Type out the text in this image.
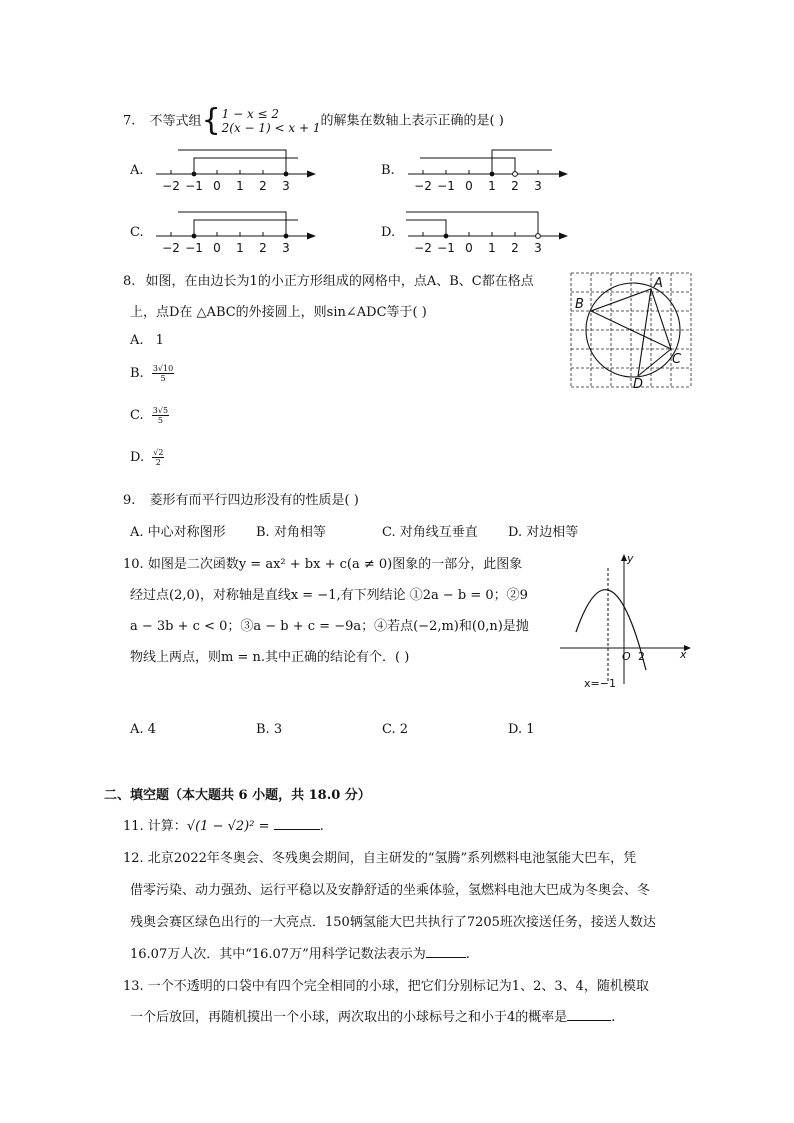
7. 不等式组 { 1 − x ≤ 2
2(x − 1) < x + 1 的解集在数轴上表示正确的是( )
A.
−2 −1 0 1 2 3
B.
−2 −1 0 1 2 3
C.
−2 −1 0 1 2 3
D.
−2 −1 0 1 2 3
8. 如图，在由边长为1的小正方形组成的网格中，点A、B、C都在格点
上，点D在 △ABC的外接圆上，则sin∠ADC等于( )
A. 1
B. $\frac{3√10}{5}$
C. $\frac{3√5}{5}$
D. $\frac{√2}{2}$
A
B
C
D
9. 菱形有而平行四边形没有的性质是( )
A. 中心对称图形 B. 对角相等	C. 对角线互垂直 D. 对边相等
10. 如图是二次函数y = ax² + bx + c(a ≠ 0)图象的一部分，此图象
经过点(2,0)，对称轴是直线x = −1,有下列结论 ①2a − b = 0；②9
a − 3b + c < 0；③a − b + c = −9a；④若点(−2,m)和(0,n)是抛
物线上两点，则m = n.其中正确的结论有个．( )
y
x
O 2
x=−1
A. 4	B. 3	C. 2	D. 1
二、填空题（本大题共 6 小题，共 18.0 分）
11. 计算：√(1 − √2)² =	.
12. 北京2022年冬奥会、冬残奥会期间，自主研发的“氢腾”系列燃料电池氢能大巴车，凭
借零污染、动力强劲、运行平稳以及安静舒适的坐乘体验，氢燃料电池大巴成为冬奥会、冬
残奥会赛区绿色出行的一大亮点．150辆氢能大巴共执行了7205班次接送任务，接送人数达
16.07万人次．其中“16.07万”用科学记数法表示为	.
13. 一个不透明的口袋中有四个完全相同的小球，把它们分别标记为1、2、3、4，随机模取
一个后放回，再随机摸出一个小球，两次取出的小球标号之和小于4的概率是	.
